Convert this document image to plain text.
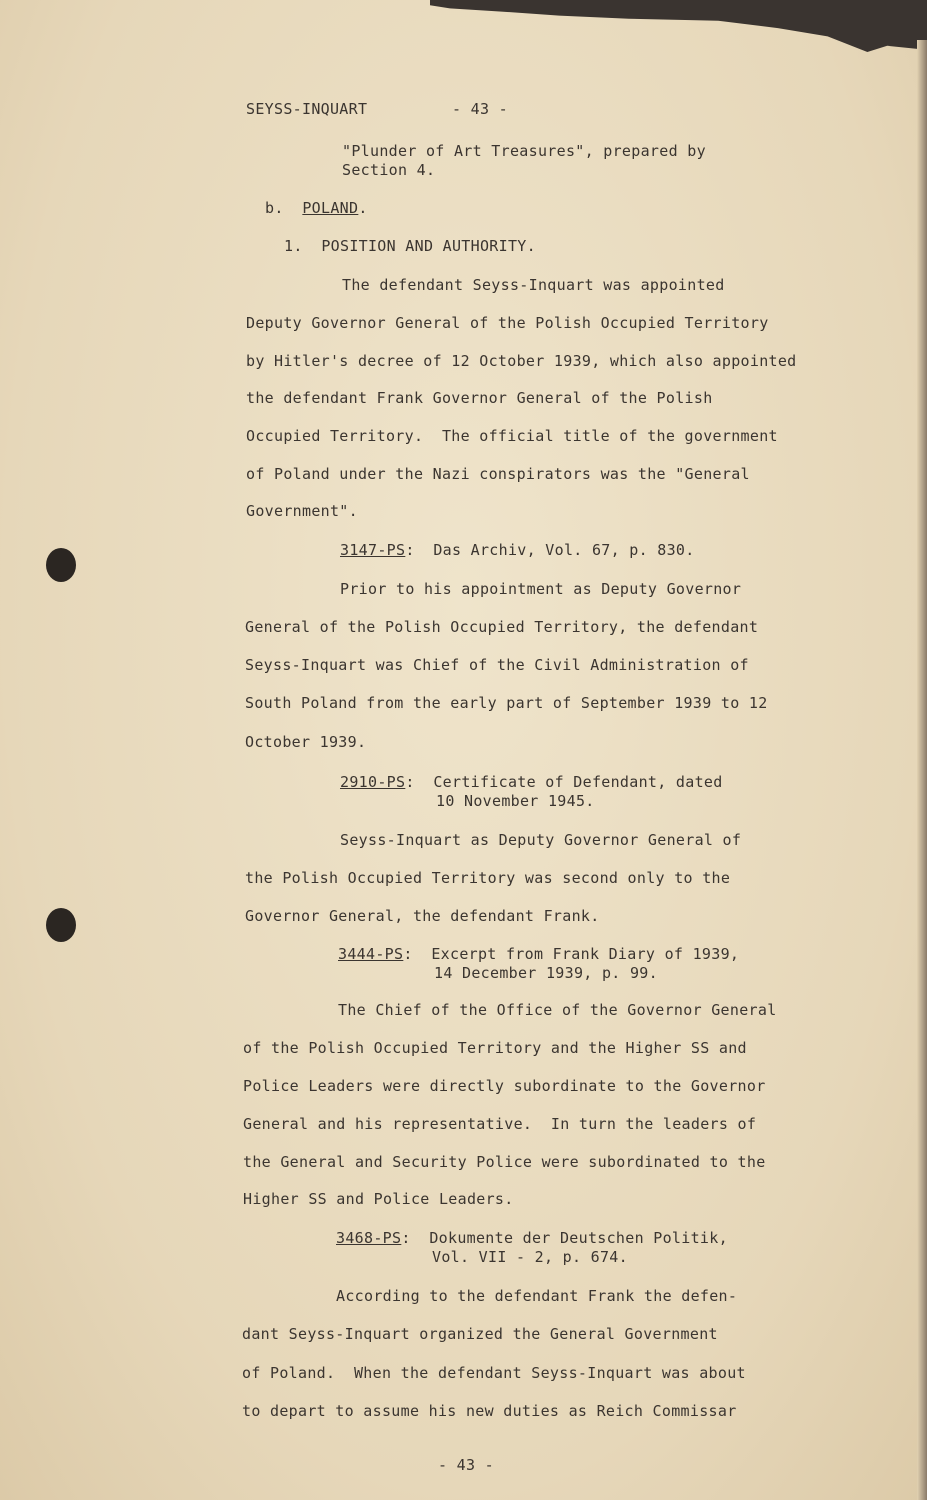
SEYSS-INQUART	- 43 -
"Plunder of Art Treasures", prepared by
Section 4.
b. POLAND.
1.  POSITION AND AUTHORITY.
The defendant Seyss-Inquart was appointed
Deputy Governor General of the Polish Occupied Territory
by Hitler's decree of 12 October 1939, which also appointed
the defendant Frank Governor General of the Polish
Occupied Territory.  The official title of the government
of Poland under the Nazi conspirators was the "General
Government".
3147-PS:  Das Archiv, Vol. 67, p. 830.
Prior to his appointment as Deputy Governor
General of the Polish Occupied Territory, the defendant
Seyss-Inquart was Chief of the Civil Administration of
South Poland from the early part of September 1939 to 12
October 1939.
2910-PS:  Certificate of Defendant, dated
10 November 1945.
Seyss-Inquart as Deputy Governor General of
the Polish Occupied Territory was second only to the
Governor General, the defendant Frank.
3444-PS:  Excerpt from Frank Diary of 1939,
14 December 1939, p. 99.
The Chief of the Office of the Governor General
of the Polish Occupied Territory and the Higher SS and
Police Leaders were directly subordinate to the Governor
General and his representative.  In turn the leaders of
the General and Security Police were subordinated to the
Higher SS and Police Leaders.
3468-PS:  Dokumente der Deutschen Politik,
Vol. VII - 2, p. 674.
According to the defendant Frank the defen-
dant Seyss-Inquart organized the General Government
of Poland.  When the defendant Seyss-Inquart was about
to depart to assume his new duties as Reich Commissar
- 43 -
